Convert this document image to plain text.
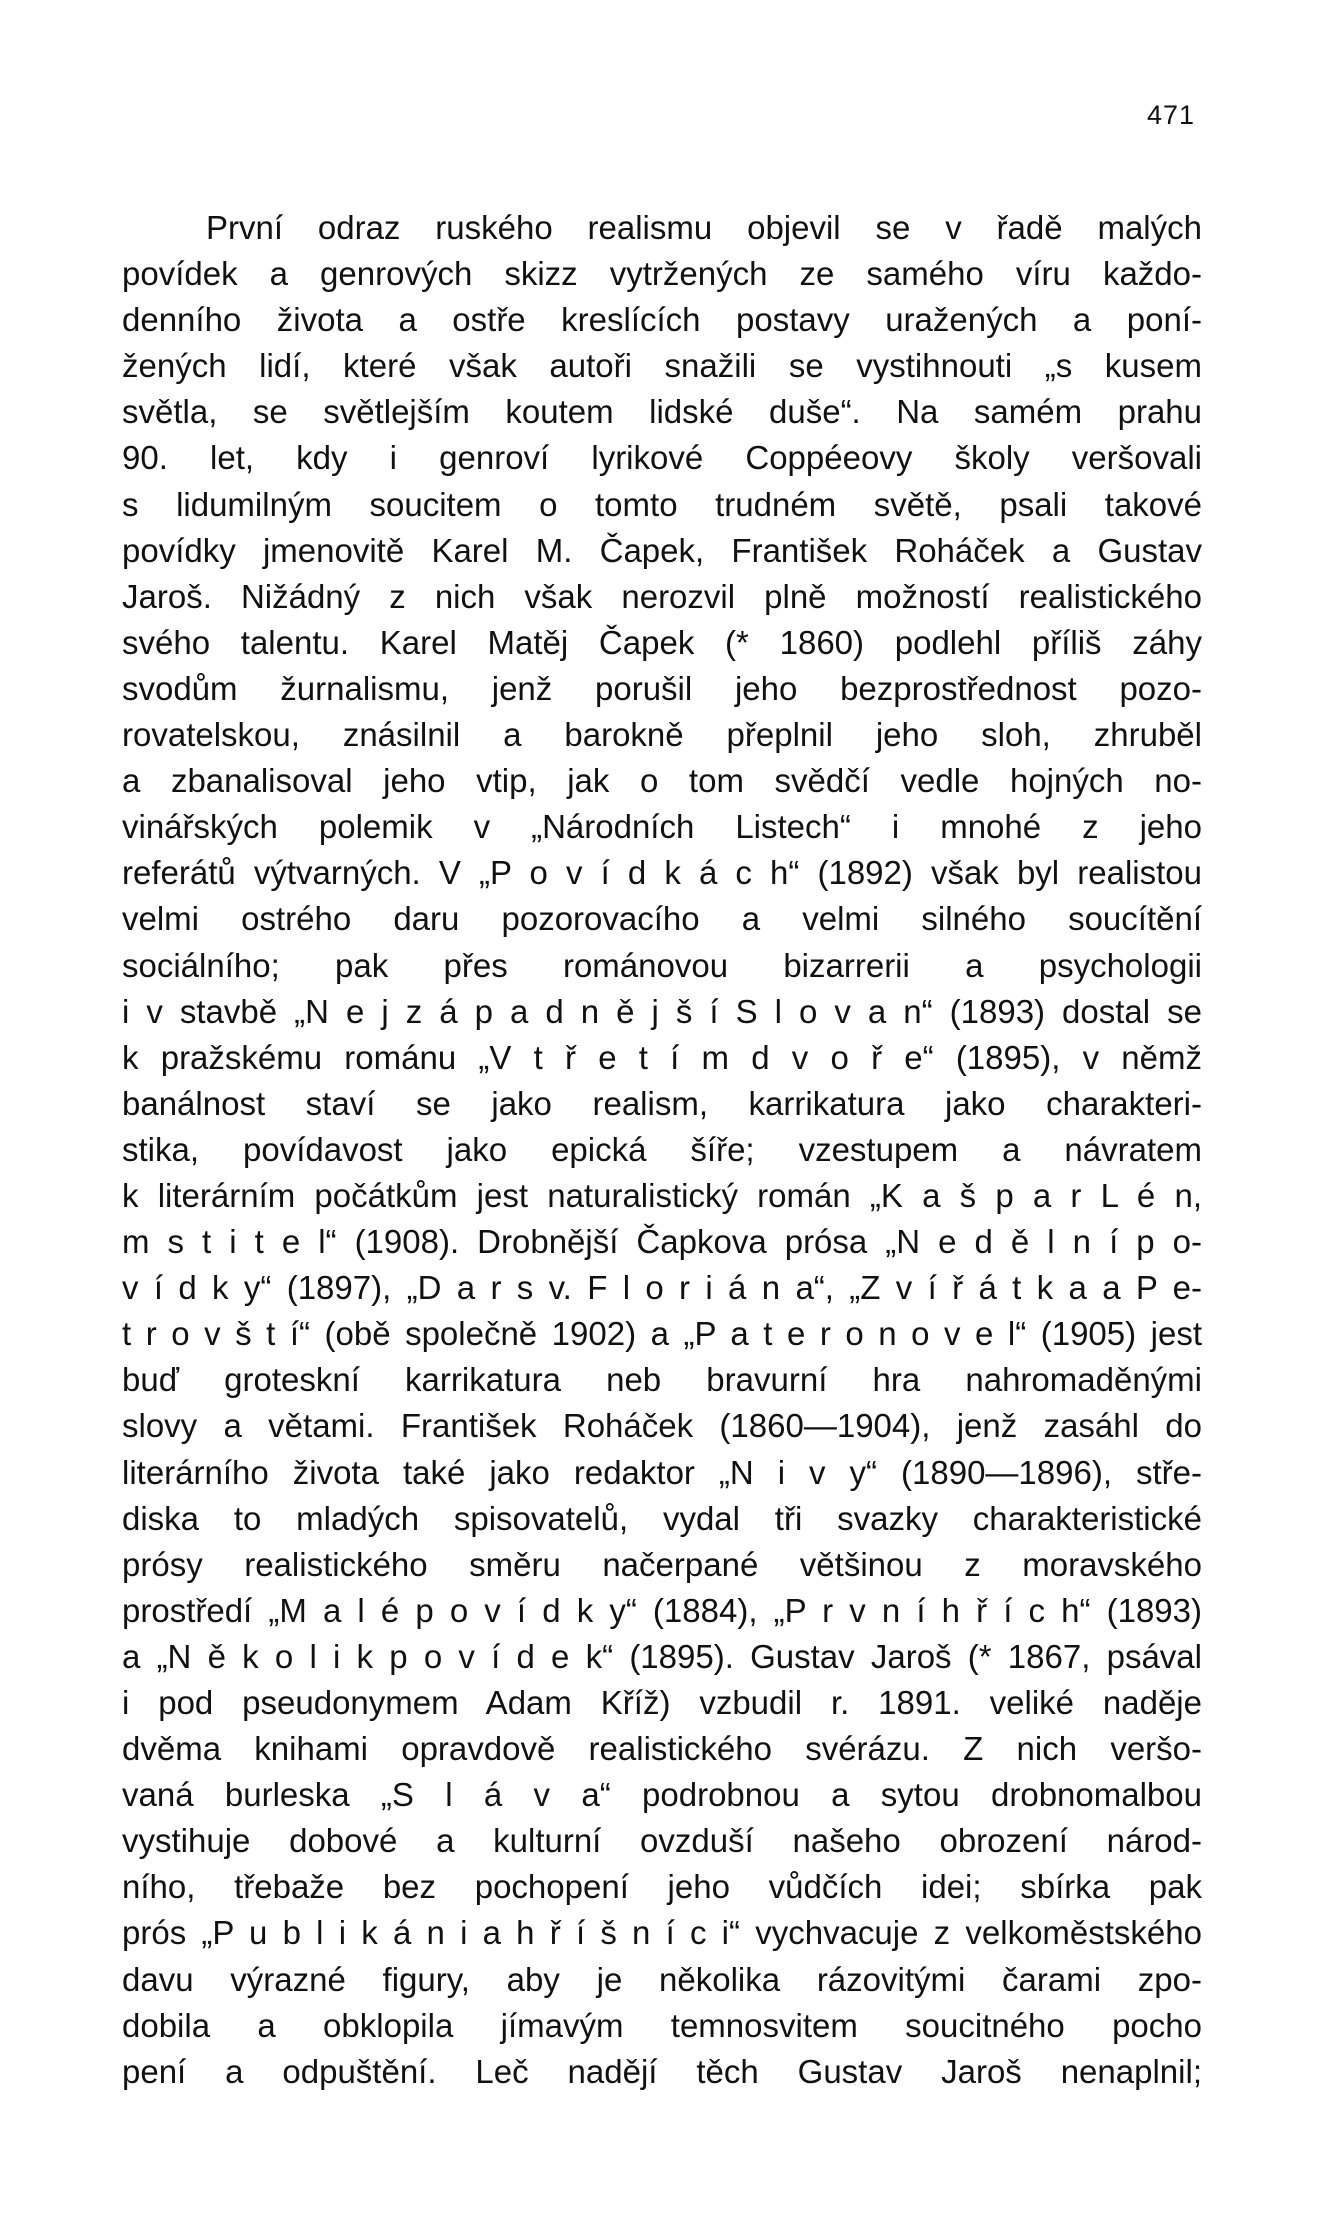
471
První odraz ruského realismu objevil se v řadě malých
povídek a genrových skizz vytržených ze samého víru každo-
denního života a ostře kreslících postavy uražených a poní-
žených lidí, které však autoři snažili se vystihnouti „s kusem
světla, se světlejším koutem lidské duše“. Na samém prahu
90. let, kdy i genroví lyrikové Coppéeovy školy veršovali
s lidumilným soucitem o tomto trudném světě, psali takové
povídky jmenovitě Karel M. Čapek, František Roháček a Gustav
Jaroš. Nižádný z nich však nerozvil plně možností realistického
svého talentu. Karel Matěj Čapek (* 1860) podlehl příliš záhy
svodům žurnalismu, jenž porušil jeho bezprostřednost pozo-
rovatelskou, znásilnil a barokně přeplnil jeho sloh, zhruběl
a zbanalisoval jeho vtip, jak o tom svědčí vedle hojných no-
vinářských polemik v „Národních Listech“ i mnohé z jeho
referátů výtvarných. V „P o v í d k á c h“ (1892) však byl realistou
velmi ostrého daru pozorovacího a velmi silného soucítění
sociálního; pak přes románovou bizarrerii a psychologii
i v stavbě „N e j z á p a d n ě j š í S l o v a n“ (1893) dostal se
k pražskému románu „V t ř e t í m d v o ř e“ (1895), v němž
banálnost staví se jako realism, karrikatura jako charakteri-
stika, povídavost jako epická šíře; vzestupem a návratem
k literárním počátkům jest naturalistický román „K a š p a r L é n,
m s t i t e l“ (1908). Drobnější Čapkova prósa „N e d ě l n í p o-
v í d k y“ (1897), „D a r s v. F l o r i á n a“, „Z v í ř á t k a a P e-
t r o v š t í“ (obě společně 1902) a „P a t e r o n o v e l“ (1905) jest
buď groteskní karrikatura neb bravurní hra nahromaděnými
slovy a větami. František Roháček (1860—1904), jenž zasáhl do
literárního života také jako redaktor „N i v y“ (1890—1896), stře-
diska to mladých spisovatelů, vydal tři svazky charakteristické
prósy realistického směru načerpané většinou z moravského
prostředí „M a l é p o v í d k y“ (1884), „P r v n í h ř í c h“ (1893)
a „N ě k o l i k p o v í d e k“ (1895). Gustav Jaroš (* 1867, psával
i pod pseudonymem Adam Kříž) vzbudil r. 1891. veliké naděje
dvěma knihami opravdově realistického svérázu. Z nich veršo-
vaná burleska „S l á v a“ podrobnou a sytou drobnomalbou
vystihuje dobové a kulturní ovzduší našeho obrození národ-
ního, třebaže bez pochopení jeho vůdčích idei; sbírka pak
prós „P u b l i k á n i a h ř í š n í c i“ vychvacuje z velkoměstského
davu výrazné figury, aby je několika rázovitými čarami zpo-
dobila a obklopila jímavým temnosvitem soucitného pocho
pení a odpuštění. Leč nadějí těch Gustav Jaroš nenaplnil;
